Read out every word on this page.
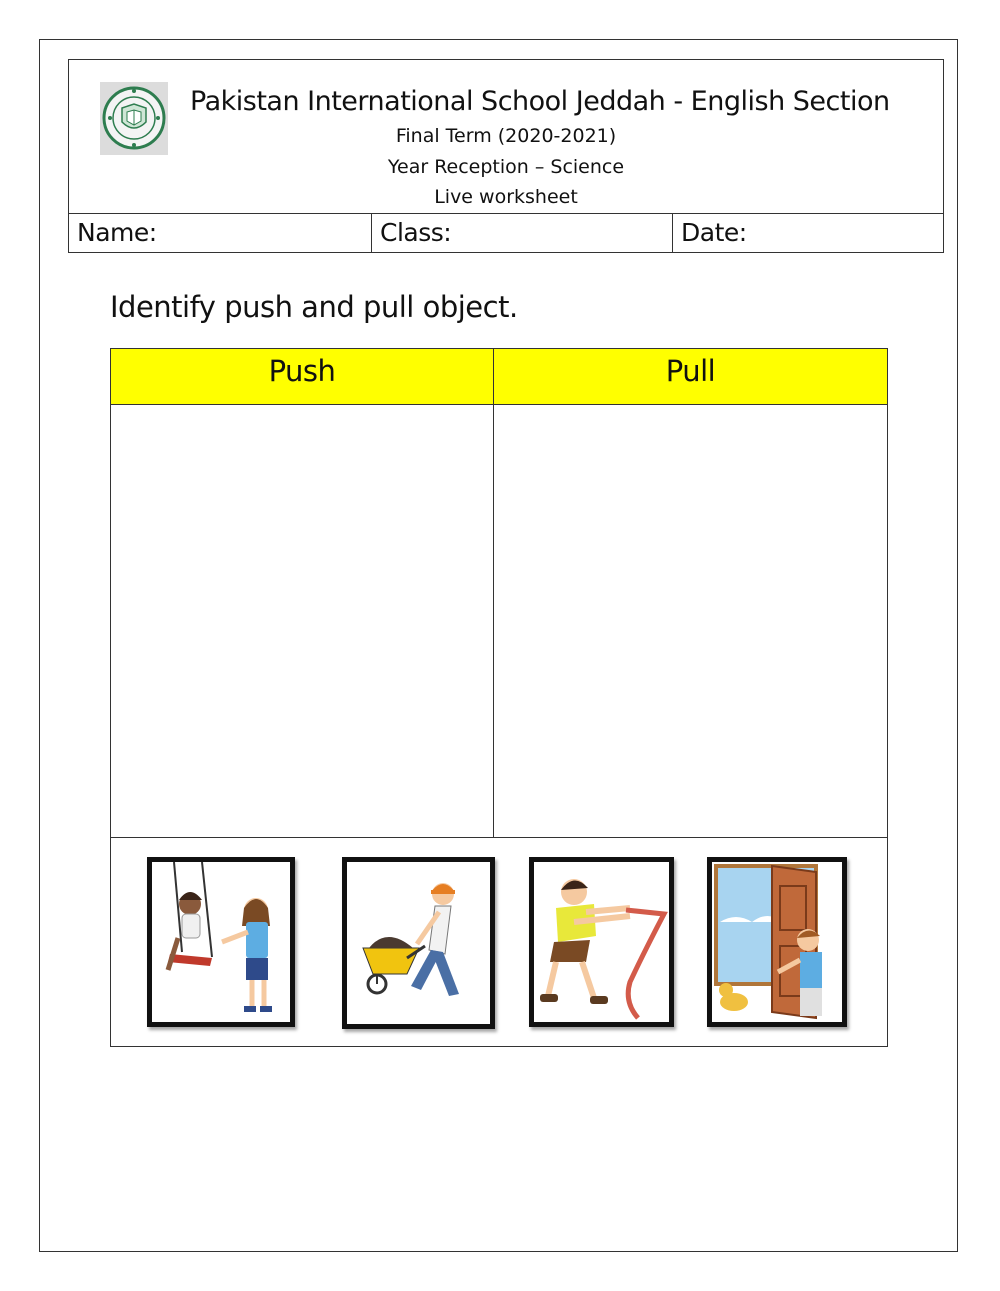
Pakistan International School Jeddah - English Section
Final Term (2020-2021)
Year Reception – Science
Live worksheet
Name:	Class:	Date:
Identify push and pull object.
Push	Pull
